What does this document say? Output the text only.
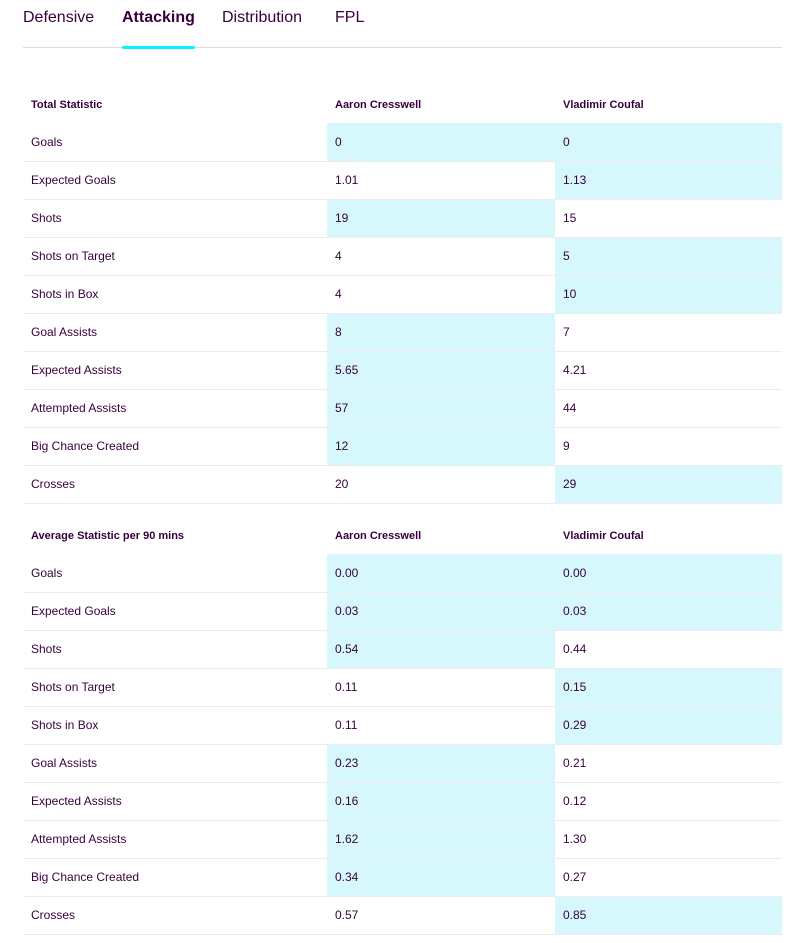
Defensive Attacking Distribution FPL
Total Statistic	Aaron Cresswell	Vladimir Coufal
Goals	0	0
Expected Goals	1.01	1.13
Shots	19	15
Shots on Target	4	5
Shots in Box	4	10
Goal Assists	8	7
Expected Assists	5.65	4.21
Attempted Assists	57	44
Big Chance Created	12	9
Crosses	20	29
Average Statistic per 90 mins	Aaron Cresswell	Vladimir Coufal
Goals	0.00	0.00
Expected Goals	0.03	0.03
Shots	0.54	0.44
Shots on Target	0.11	0.15
Shots in Box	0.11	0.29
Goal Assists	0.23	0.21
Expected Assists	0.16	0.12
Attempted Assists	1.62	1.30
Big Chance Created	0.34	0.27
Crosses	0.57	0.85
